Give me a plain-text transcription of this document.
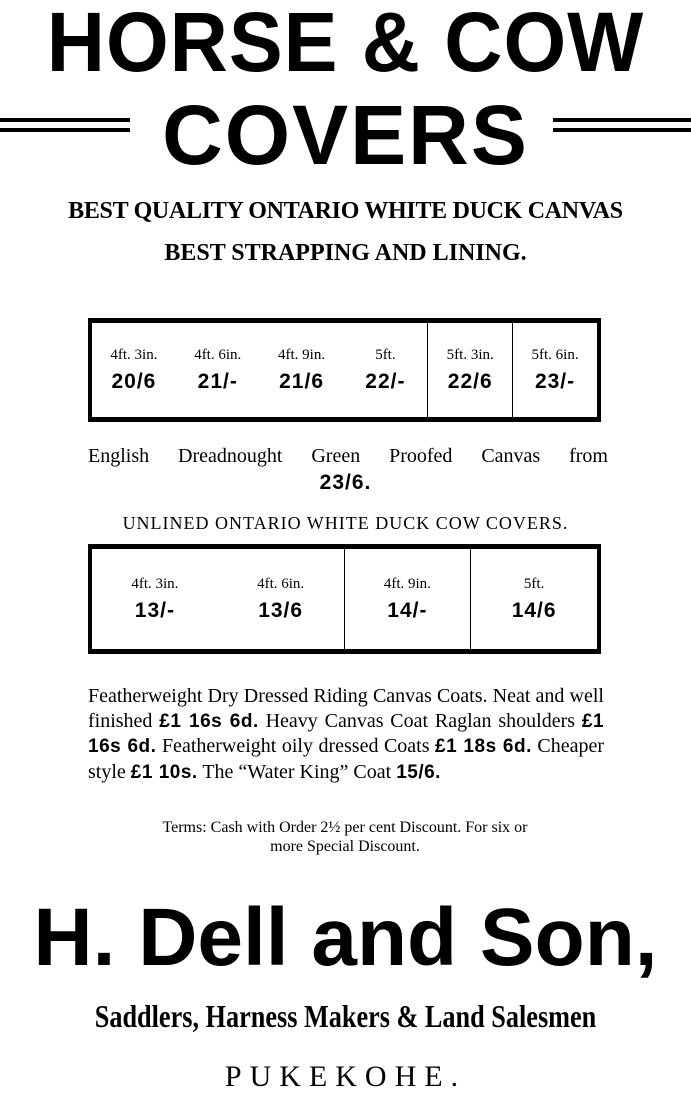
HORSE & COW
COVERS
BEST QUALITY ONTARIO WHITE DUCK CANVAS
BEST STRAPPING AND LINING.
4ft. 3in.
20/6
4ft. 6in.
21/-
4ft. 9in.
21/6
5ft.
22/-
5ft. 3in.
22/6
5ft. 6in.
23/-
English Dreadnought Green Proofed Canvas from
23/6.
UNLINED ONTARIO WHITE DUCK COW COVERS.
4ft. 3in.
13/-
4ft. 6in.
13/6
4ft. 9in.
14/-
5ft.
14/6
Featherweight Dry Dressed Riding Canvas Coats. Neat and well finished £1 16s 6d. Heavy Canvas Coat Raglan shoulders £1 16s 6d. Featherweight oily dressed Coats £1 18s 6d. Cheaper style £1 10s. The “Water King” Coat 15/6.
Terms: Cash with Order 2½ per cent Discount. For six or
more Special Discount.
H. Dell and Son,
Saddlers, Harness Makers & Land Salesmen
PUKEKOHE.
